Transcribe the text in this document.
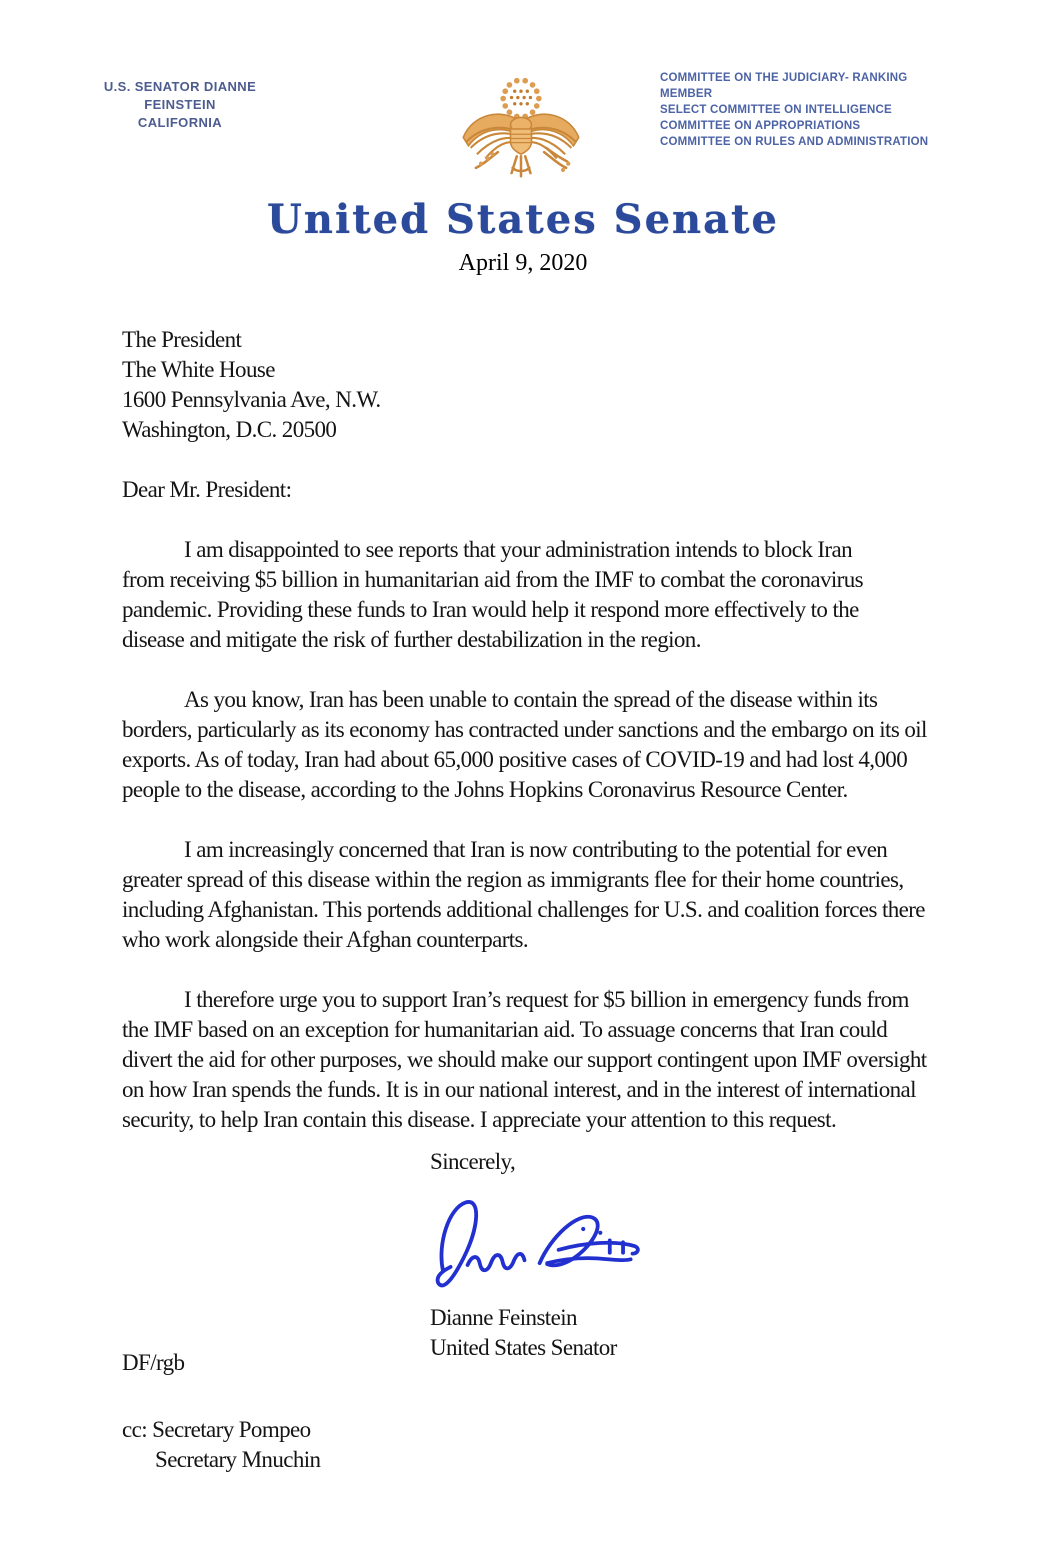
U.S. SENATOR DIANNE FEINSTEIN
CALIFORNIA
COMMITTEE ON THE JUDICIARY- RANKING MEMBER
SELECT COMMITTEE ON INTELLIGENCE
COMMITTEE ON APPROPRIATIONS
COMMITTEE ON RULES AND ADMINISTRATION
United States Senate
April 9, 2020
The President
The White House
1600 Pennsylvania Ave, N.W.
Washington, D.C. 20500
Dear Mr. President:
I am disappointed to see reports that your administration intends to block Iran
from receiving $5 billion in humanitarian aid from the IMF to combat the coronavirus
pandemic. Providing these funds to Iran would help it respond more effectively to the
disease and mitigate the risk of further destabilization in the region.
As you know, Iran has been unable to contain the spread of the disease within its
borders, particularly as its economy has contracted under sanctions and the embargo on its oil
exports. As of today, Iran had about 65,000 positive cases of COVID-19 and had lost 4,000
people to the disease, according to the Johns Hopkins Coronavirus Resource Center.
I am increasingly concerned that Iran is now contributing to the potential for even
greater spread of this disease within the region as immigrants flee for their home countries,
including Afghanistan. This portends additional challenges for U.S. and coalition forces there
who work alongside their Afghan counterparts.
I therefore urge you to support Iran’s request for $5 billion in emergency funds from
the IMF based on an exception for humanitarian aid. To assuage concerns that Iran could
divert the aid for other purposes, we should make our support contingent upon IMF oversight
on how Iran spends the funds. It is in our national interest, and in the interest of international
security, to help Iran contain this disease. I appreciate your attention to this request.
Sincerely,
Dianne Feinstein
United States Senator
DF/rgb
cc: Secretary Pompeo
Secretary Mnuchin
